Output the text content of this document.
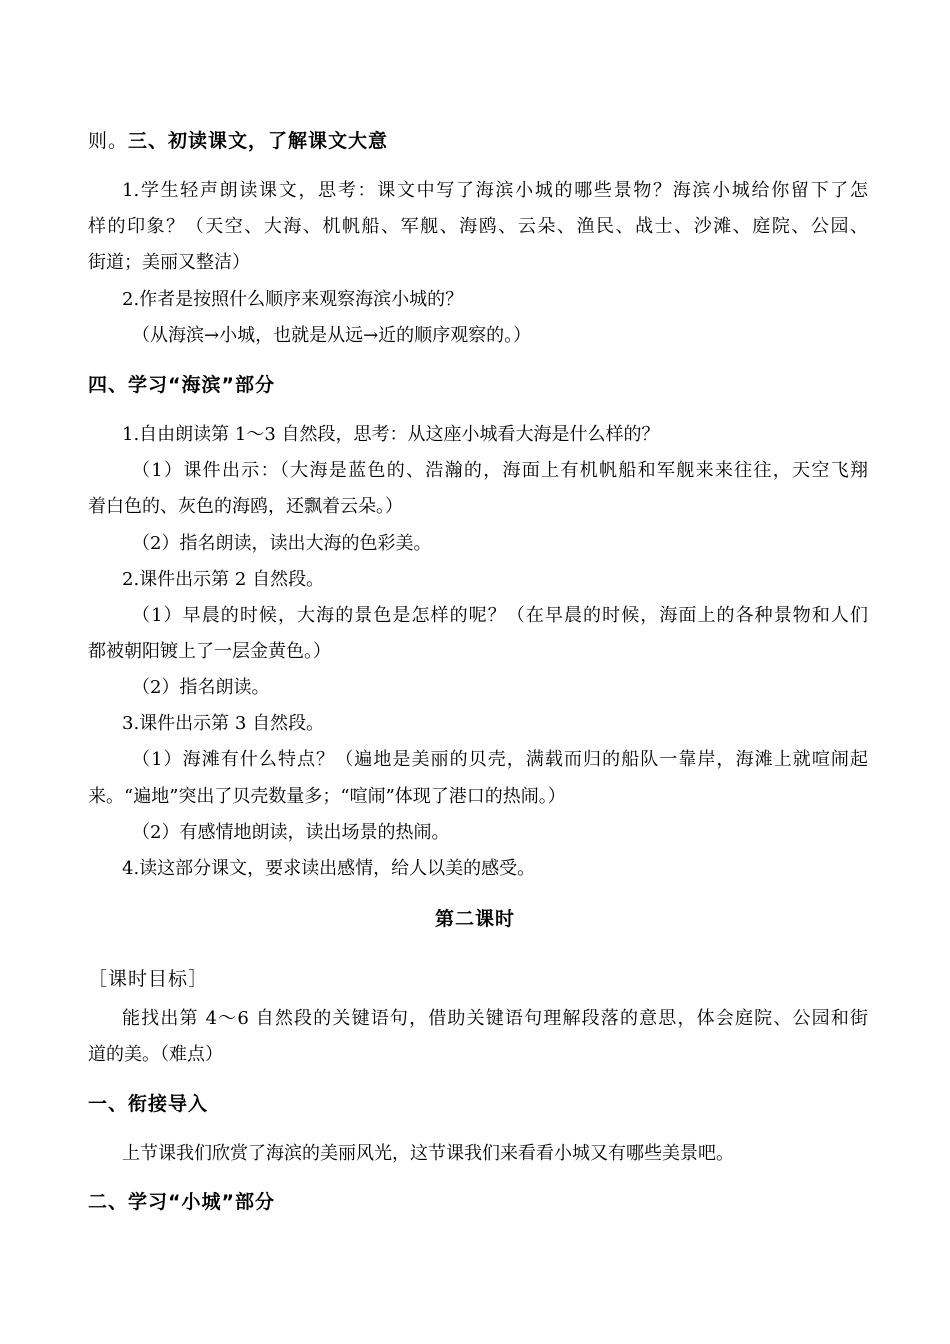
则。三、初读课文，了解课文大意
1.学生轻声朗读课文，思考：课文中写了海滨小城的哪些景物？海滨小城给你留下了怎
样的印象？（天空、大海、机帆船、军舰、海鸥、云朵、渔民、战士、沙滩、庭院、公园、
街道；美丽又整洁）
2.作者是按照什么顺序来观察海滨小城的？
（从海滨→小城，也就是从远→近的顺序观察的。）
四、学习“海滨”部分
1.自由朗读第 1～3 自然段，思考：从这座小城看大海是什么样的？
（1）课件出示：（大海是蓝色的、浩瀚的，海面上有机帆船和军舰来来往往，天空飞翔
着白色的、灰色的海鸥，还飘着云朵。）
（2）指名朗读，读出大海的色彩美。
2.课件出示第 2 自然段。
（1）早晨的时候，大海的景色是怎样的呢？（在早晨的时候，海面上的各种景物和人们
都被朝阳镀上了一层金黄色。）
（2）指名朗读。
3.课件出示第 3 自然段。
（1）海滩有什么特点？（遍地是美丽的贝壳，满载而归的船队一靠岸，海滩上就喧闹起
来。“遍地”突出了贝壳数量多；“喧闹”体现了港口的热闹。）
（2）有感情地朗读，读出场景的热闹。
4.读这部分课文，要求读出感情，给人以美的感受。
第二课时
［课时目标］
能找出第 4～6 自然段的关键语句，借助关键语句理解段落的意思，体会庭院、公园和街
道的美。（难点）
一、衔接导入
上节课我们欣赏了海滨的美丽风光，这节课我们来看看小城又有哪些美景吧。
二、学习“小城”部分
